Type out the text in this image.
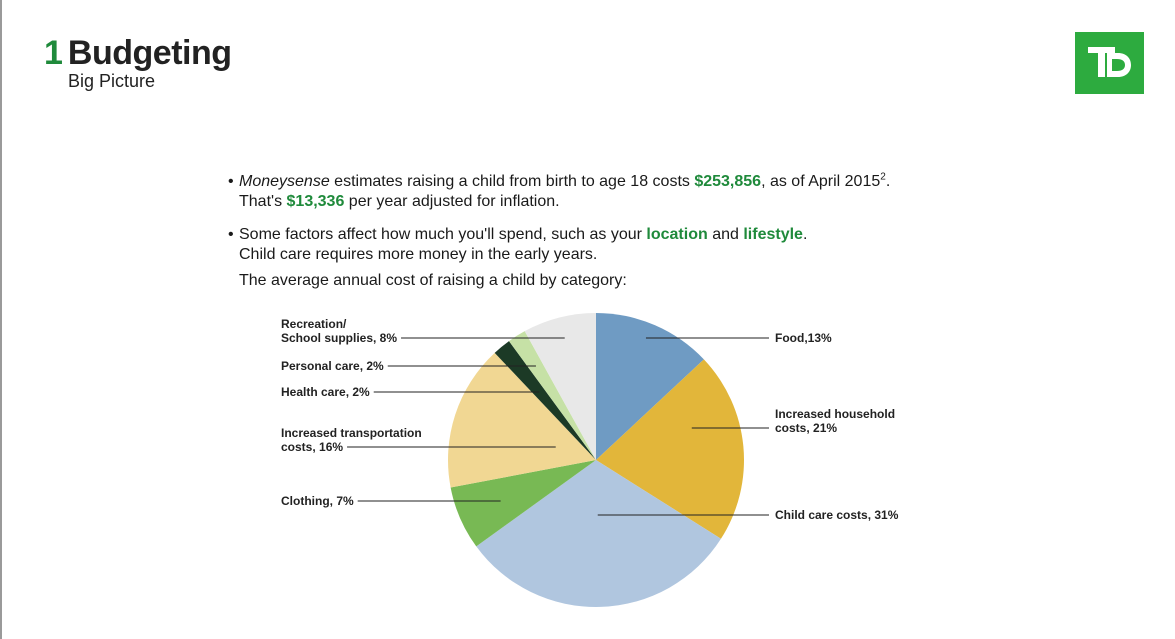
1 Budgeting
Big Picture
• Moneysense estimates raising a child from birth to age 18 costs $253,856, as of April 2015$^2$.
That's $13,336 per year adjusted for inflation.
• Some factors affect how much you'll spend, such as your location and lifestyle.
Child care requires more money in the early years.
The average annual cost of raising a child by category:
Food,13%
Increased household
costs, 21%
Child care costs, 31%
Clothing, 7%
Increased transportation
costs, 16%
Health care, 2%
Personal care, 2%
Recreation/
School supplies, 8%
